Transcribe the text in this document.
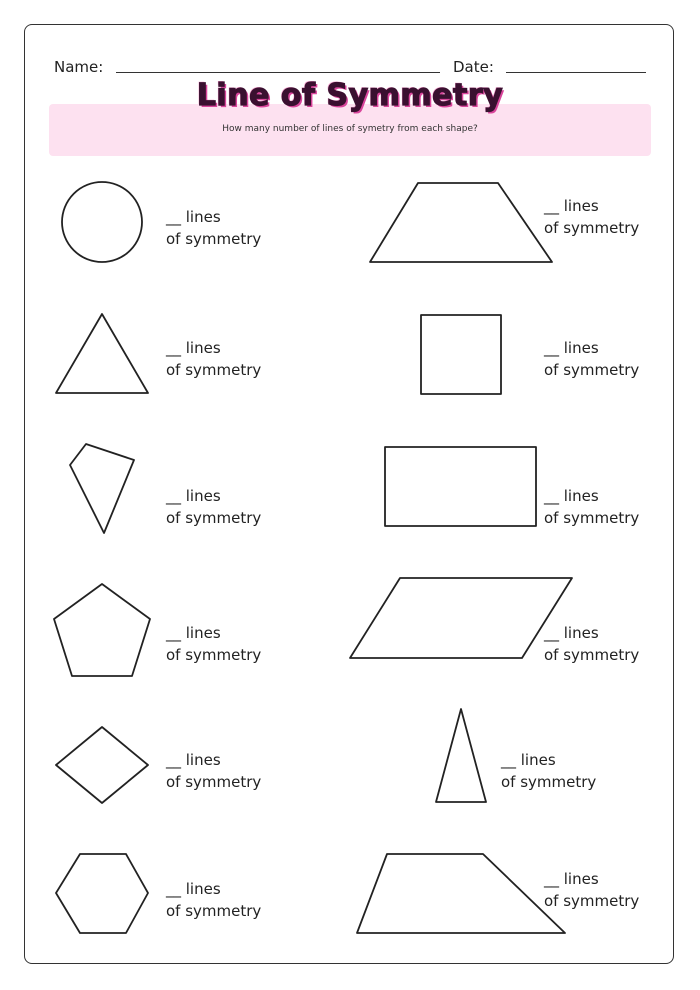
Name:	Date:
Line of Symmetry
How many number of lines of symetry from each shape?
__ lines
of symmetry
__ lines
of symmetry
__ lines
of symmetry
__ lines
of symmetry
__ lines
of symmetry
__ lines
of symmetry
__ lines
of symmetry
__ lines
of symmetry
__ lines
of symmetry
__ lines
of symmetry
__ lines
of symmetry
__ lines
of symmetry
